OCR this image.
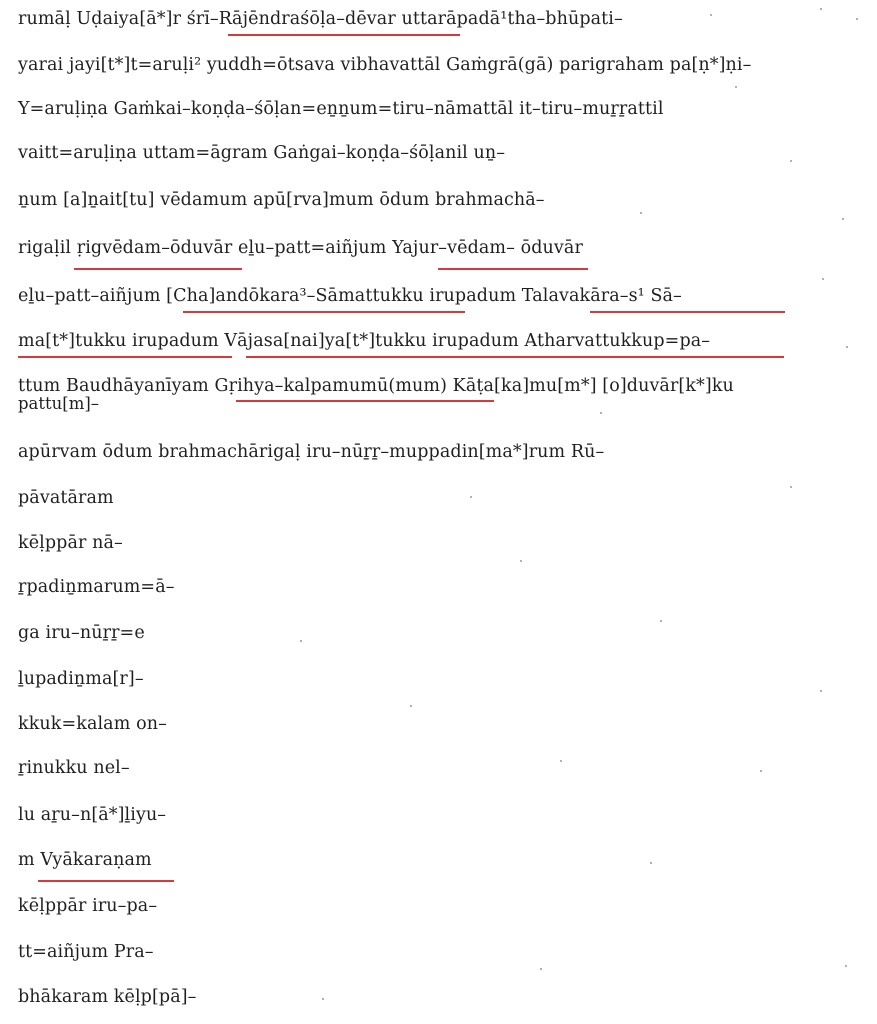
rumāḷ Uḍaiya[ā*]r śrī–Rājēndraśōḷa–dēvar uttarāpadā¹tha–bhūpati–
yarai jayi[t*]t=aruḷi² yuddh=ōtsava vibhavattāl Gaṁgrā(gā) parigraham pa[ṇ*]ṇi–
Y=aruḷiṇa Gaṁkai–koṇḍa–śōḷan=eṉṉum=tiru–nāmattāl it–tiru–muṟṟattil
vaitt=aruḷiṇa uttam=āgram Gaṅgai–koṇḍa–śōḷanil uṉ–
ṉum [a]ṉait[tu] vēdamum apū[rva]mum ōdum brahmachā–
rigaḷil ṛigvēdam–ōduvār eḻu–patt=aiñjum Yajur–vēdam– ōduvār
eḻu–patt–aiñjum [Cha]andōkara³–Sāmattukku irupadum Talavakāra–s¹ Sā–
ma[t*]tukku irupadum Vājasa[nai]ya[t*]tukku irupadum Atharvattukkup=pa–
ttum Baudhāyanīyam Gṛihya–kalpamumū(mum) Kāṭa[ka]mu[m*] [o]duvār[k*]ku
pattu[m]–
apūrvam ōdum brahmachārigaḷ iru–nūṟṟ–muppadin[ma*]rum Rū–
pāvatāram
kēḷppār nā–
ṟpadiṉmarum=ā–
ga iru–nūṟṟ=e
ḻupadiṉma[r]–
kkuk=kalam on–
ṟinukku nel–
lu aṟu–n[ā*]ḻiyu–
m Vyākaraṇam
kēḷppār iru–pa–
tt=aiñjum Pra–
bhākaram kēḷp[pā]–
